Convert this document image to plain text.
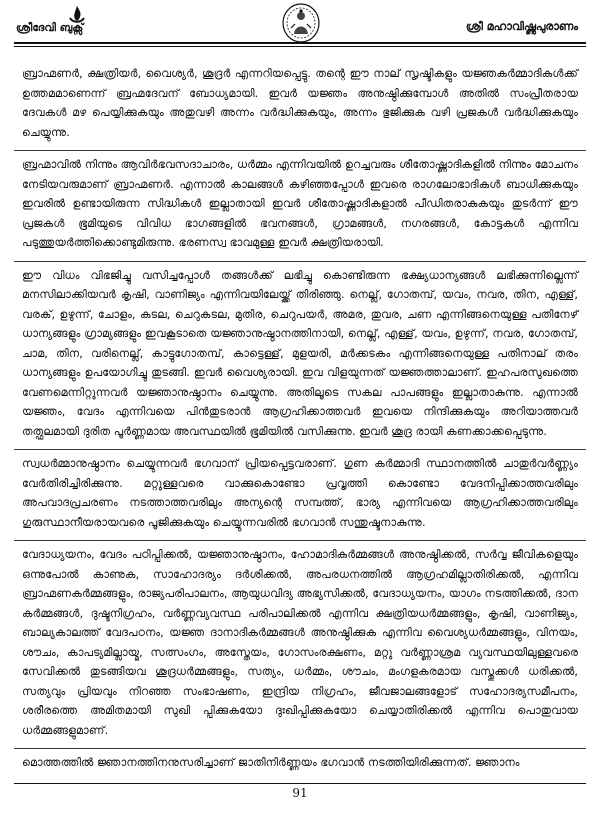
ശ്രീദേവി ബുക്സ്	ശ്രീ മഹാവിഷ്ണുപുരാണം

ബ്രാഹ്മണർ, ക്ഷത്രിയർ, വൈശ്യർ, ശൂദ്രർ എന്നറിയപ്പെട്ടു. തന്റെ ഈ നാല് സൃഷ്ടികളും യജ്ഞകർമ്മാദികൾക്ക് ഉത്തമമാണെന്ന് ബ്രഹ്മദേവന് ബോധ്യമായി. ഇവർ യജ്ഞം അനുഷ്ഠിക്കുമ്പോൾ അതിൽ സംപ്രീതരായ ദേവകൾ മഴ പെയ്യിക്കുകയും അതുവഴി അന്നം വർദ്ധിക്കുകയും, അന്നം ഭുജിക്കുക വഴി പ്രജകൾ വർദ്ധിക്കുകയും ചെയ്യുന്നു.

ബ്രഹ്മാവിൽ നിന്നും ആവിർഭവസദാചാരം, ധർമ്മം എന്നിവയിൽ ഉറച്ചവരും ശീതോഷ്ണാദികളിൽ നിന്നും മോചനം നേടിയവരുമാണ് ബ്രാഹ്മണർ. എന്നാൽ കാലങ്ങൾ കഴിഞ്ഞപ്പോൾ ഇവരെ രാഗലോഭാദികൾ ബാധിക്കുകയും ഇവരിൽ ഉണ്ടായിരുന്ന സിദ്ധികൾ ഇല്ലാതായി ഇവർ ശീതോഷ്ണാദികളാൽ പീഡിതരാകുകയും തുടർന്ന് ഈ പ്രജകൾ ഭൂമിയുടെ വിവിധ ഭാഗങ്ങളിൽ ഭവനങ്ങൾ, ഗ്രാമങ്ങൾ, നഗരങ്ങൾ, കോട്ടകൾ എന്നിവ പടുത്തുയർത്തിക്കൊണ്ടുമിരുന്നു. ഭരണസ്വ ഭാവമുള്ള ഇവർ ക്ഷത്രിയരായി.

ഈ വിധം വിഭജിച്ചു വസിച്ചപ്പോൾ തങ്ങൾക്ക് ലഭിച്ചു കൊണ്ടിരുന്ന ഭക്ഷ്യധാന്യങ്ങൾ ലഭിക്കുന്നില്ലെന്ന് മനസിലാക്കിയവർ കൃഷി, വാണിജ്യം എന്നിവയിലേയ്ക്ക് തിരിഞ്ഞു. നെല്ല്, ഗോതമ്പ്, യവം, നവര, തിന, എള്ള്, വരക്, ഉഴുന്ന്, ചോളം, കടല, ചെറുകടല, മുതിര, ചെറുപയർ, അമര, തുവര, ചണ എന്നിങ്ങനെയുള്ള പതിനേഴ് ധാന്യങ്ങളും ഗ്രാമ്യങ്ങളും ഇവകൂടാതെ യജ്ഞാനുഷ്ഠാനത്തിനായി, നെല്ല്, എള്ള്, യവം, ഉഴുന്ന്, നവര, ഗോതമ്പ്, ചാമ, തിന, വരിനെല്ല്, കാട്ടുഗോതമ്പ്, കാട്ടെള്ള്, മുളയരി, മർക്കടകം എന്നിങ്ങനെയുള്ള പതിനാല് തരം ധാന്യങ്ങളും ഉപയോഗിച്ചു തുടങ്ങി. ഇവർ വൈശ്യരായി. ഇവ വിളയുന്നത് യജ്ഞത്താലാണ്. ഇഹപരസുഖത്തെ വേണമെന്നിറ്റുന്നവർ യജ്ഞാനുഷ്ഠാനം ചെയ്യുന്നു. അതിലൂടെ സകല പാപങ്ങളും ഇല്ലാതാകുന്നു. എന്നാൽ യജ്ഞം, വേദം എന്നിവയെ പിൻതുടരാൻ ആഗ്രഹിക്കാത്തവർ ഇവയെ നിന്ദിക്കുകയും അറിയാത്തവർ തത്ഫലമായി ദുരിത പൂർണ്ണമായ അവസ്ഥയിൽ ഭൂമിയിൽ വസിക്കുന്നു. ഇവർ ശൂദ്ര രായി കണക്കാക്കപ്പെടുന്നു.

സ്വധർമ്മാനുഷ്ഠാനം ചെയ്യുന്നവർ ഭഗവാന് പ്രിയപ്പെട്ടവരാണ്. ഗുണ കർമ്മാദി സ്ഥാനത്തിൽ ചാതുർവർണ്ണ്യം വേർതിരിച്ചിരിക്കുന്നു. മറ്റുള്ളവരെ വാക്കുകൊണ്ടോ പ്രവൃത്തി കൊണ്ടോ വേദനിപ്പിക്കാത്തവരിലും അപവാദപ്രചരണം നടത്താത്തവരിലും അന്യന്റെ സമ്പത്ത്, ഭാര്യ എന്നിവയെ ആഗ്രഹിക്കാത്തവരിലും ഗുരുസ്ഥാനീയരായവരെ പൂജിക്കുകയും ചെയ്യുന്നവരിൽ ഭഗവാൻ സന്തുഷ്ടനാകുന്നു.

വേദാധ്യയനം, വേദം പഠിപ്പിക്കൽ, യജ്ഞാനുഷ്ഠാനം, ഹോമാദികർമ്മങ്ങൾ അനുഷ്ഠിക്കൽ, സർവ്വ ജീവികളെയും ഒന്നുപോൽ കാണുക, സാഹോദര്യം ദർശിക്കൽ, അപരധനത്തിൽ ആഗ്രഹമില്ലാതിരിക്കൽ, എന്നിവ ബ്രാഹ്മണകർമ്മങ്ങളും, രാജ്യപരിപാലനം, ആയുധവിദ്യ അഭ്യസിക്കൽ, വേദാധ്യയനം, യാഗം നടത്തിക്കൽ, ദാന കർമ്മങ്ങൾ, ദുഷ്ടനിഗ്രഹം, വർണ്ണവ്യവസ്ഥ പരിപാലിക്കൽ എന്നിവ ക്ഷത്രിയധർമ്മങ്ങളും, കൃഷി, വാണിജ്യം, ബാല്യകാലത്ത് വേദപഠനം, യജ്ഞ ദാനാദികർമ്മങ്ങൾ അനുഷ്ഠിക്കുക എന്നിവ വൈശ്യധർമ്മങ്ങളും, വിനയം, ശൗചം, കാപട്യമില്ലായ്മ, സത്സംഗം, അസ്തേയം, ഗോസംരക്ഷണം, മറ്റു വർണ്ണാശ്രമ വ്യവസ്ഥയിലുള്ളവരെ സേവിക്കൽ തുടങ്ങിയവ ശൂദ്രധർമ്മങ്ങളും, സത്യം, ധർമ്മം, ശൗചം, മംഗളകരമായ വസ്തുക്കൾ ധരിക്കൽ, സത്യവും പ്രിയവും നിറഞ്ഞ സംഭാഷണം, ഇന്ദ്രിയ നിഗ്രഹം, ജീവജാലങ്ങളോട് സഹോദര്യസമീപനം, ശരീരത്തെ അമിതമായി സുഖി പ്പിക്കുകയോ ദുഃഖിപ്പിക്കുകയോ ചെയ്യാതിരിക്കൽ എന്നിവ പൊതുവായ ധർമ്മങ്ങളുമാണ്.

മൊത്തത്തിൽ ജ്ഞാനത്തിനനുസരിച്ചാണ് ജാതിനിർണ്ണയം ഭഗവാൻ നടത്തിയിരിക്കുന്നത്. ജ്ഞാനം

91
